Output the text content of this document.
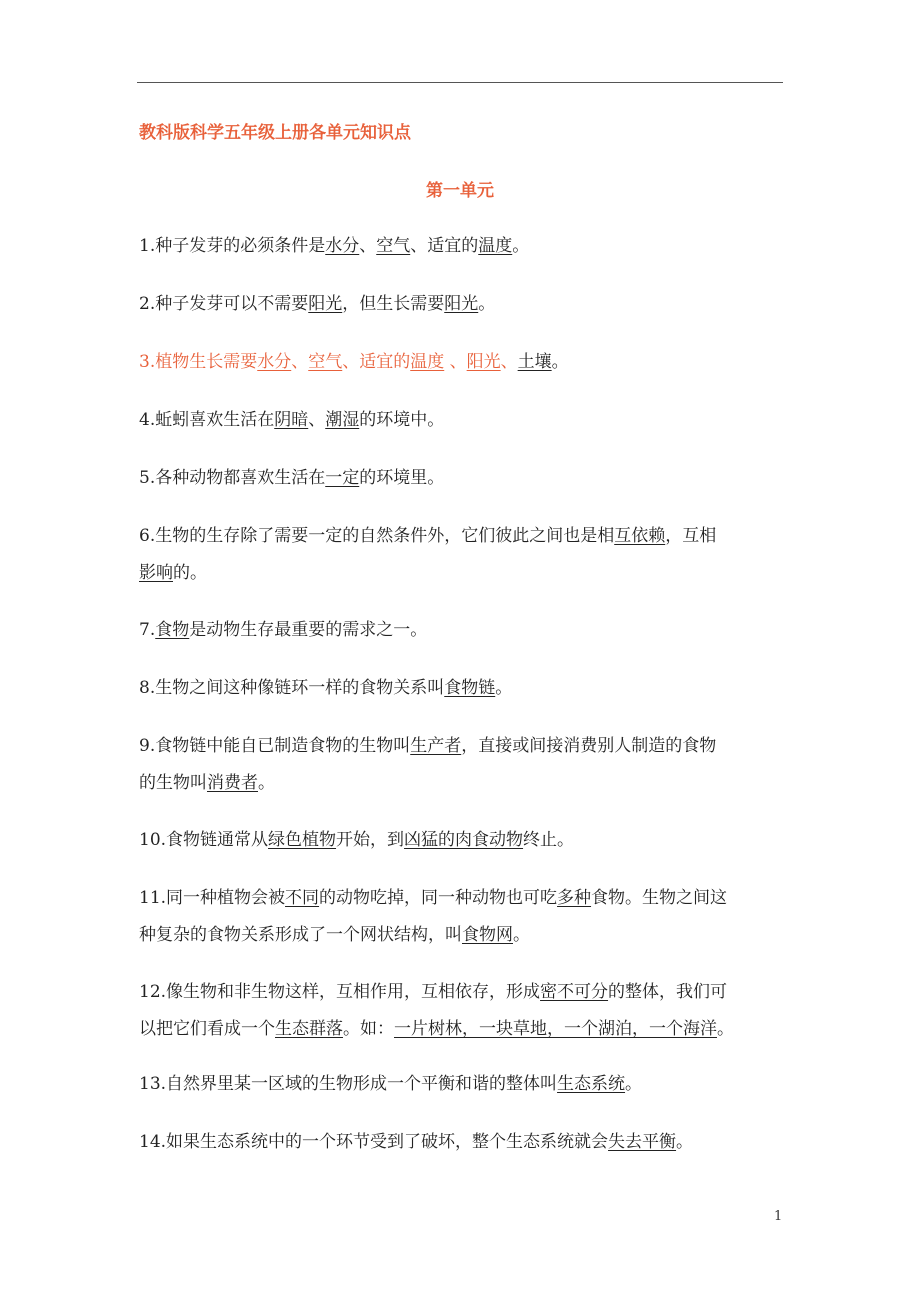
教科版科学五年级上册各单元知识点
第一单元
1.种子发芽的必须条件是水分、空气、适宜的温度。
2.种子发芽可以不需要阳光，但生长需要阳光。
3.植物生长需要水分、空气、适宜的温度 、阳光、土壤。
4.蚯蚓喜欢生活在阴暗、潮湿的环境中。
5.各种动物都喜欢生活在一定的环境里。
6.生物的生存除了需要一定的自然条件外，它们彼此之间也是相互依赖，互相
影响的。
7.食物是动物生存最重要的需求之一。
8.生物之间这种像链环一样的食物关系叫食物链。
9.食物链中能自已制造食物的生物叫生产者，直接或间接消费别人制造的食物
的生物叫消费者。
10.食物链通常从绿色植物开始，到凶猛的肉食动物终止。
11.同一种植物会被不同的动物吃掉，同一种动物也可吃多种食物。生物之间这
种复杂的食物关系形成了一个网状结构，叫食物网。
12.像生物和非生物这样，互相作用，互相依存，形成密不可分的整体，我们可
以把它们看成一个生态群落。如：一片树林，一块草地，一个湖泊，一个海洋。
13.自然界里某一区域的生物形成一个平衡和谐的整体叫生态系统。
14.如果生态系统中的一个环节受到了破坏，整个生态系统就会失去平衡。
1
